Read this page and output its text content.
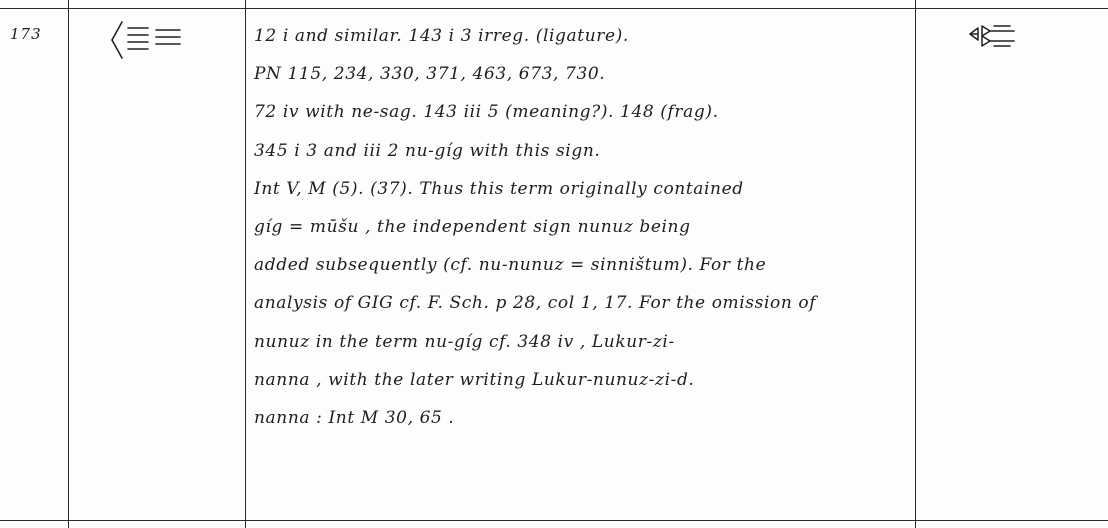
173	12 i and similar. 143 i 3 irreg. (ligature).
PN 115, 234, 330, 371, 463, 673, 730.
72 iv with ne-sag. 143 iii 5 (meaning?). 148 (frag).
345 i 3 and iii 2 nu-gíg with this sign.
Int V, M (5). (37). Thus this term originally contained
gíg = mūšu , the independent sign nunuz being
added subsequently (cf. nu-nunuz = sinništum). For the
analysis of GIG cf. F. Sch. p 28, col 1, 17. For the omission of
nunuz in the term nu-gíg cf. 348 iv , Lukur-zi-
nanna , with the later writing Lukur-nunuz-zi-d.
nanna : Int M 30, 65 .
